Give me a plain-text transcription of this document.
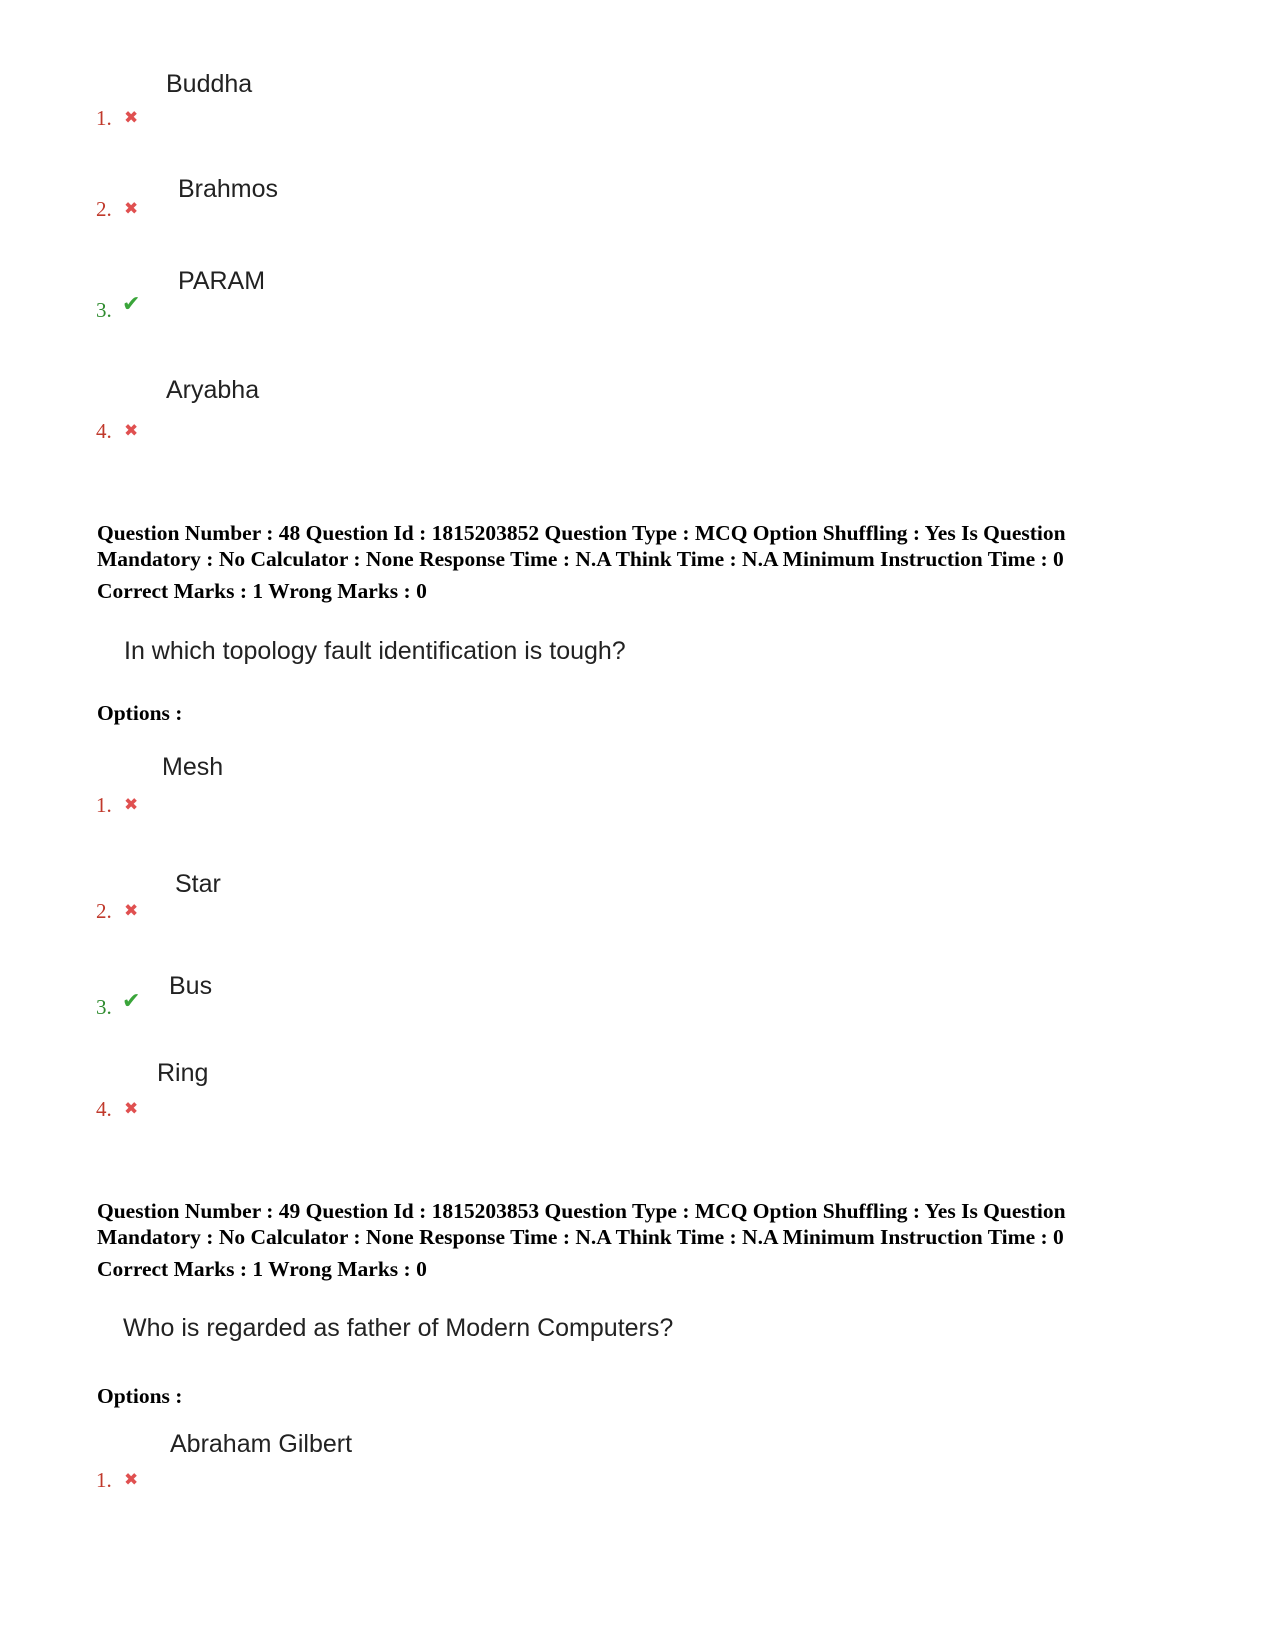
Buddha
1. ✖
Brahmos
2. ✖
PARAM
3. ✔
Aryabha
4. ✖
Question Number : 48 Question Id : 1815203852 Question Type : MCQ Option Shuffling : Yes Is Question
Mandatory : No Calculator : None Response Time : N.A Think Time : N.A Minimum Instruction Time : 0
Correct Marks : 1 Wrong Marks : 0
In which topology fault identification is tough?
Options :
Mesh
1. ✖
Star
2. ✖
Bus
3. ✔
Ring
4. ✖
Question Number : 49 Question Id : 1815203853 Question Type : MCQ Option Shuffling : Yes Is Question
Mandatory : No Calculator : None Response Time : N.A Think Time : N.A Minimum Instruction Time : 0
Correct Marks : 1 Wrong Marks : 0
Who is regarded as father of Modern Computers?
Options :
Abraham Gilbert
1. ✖
